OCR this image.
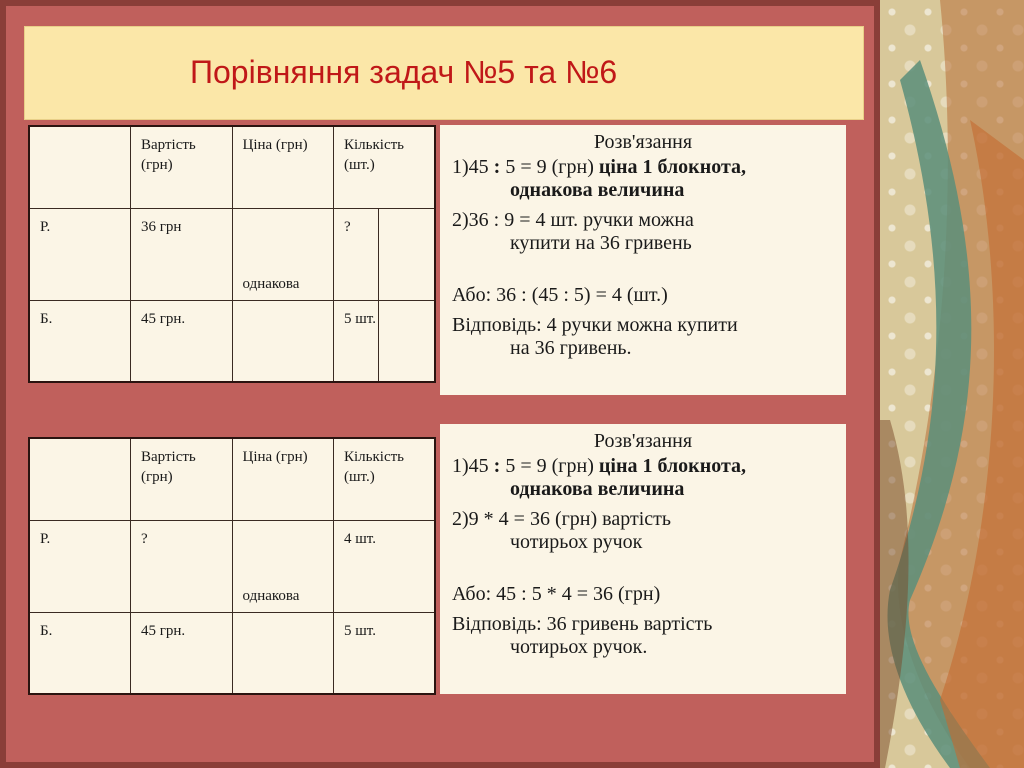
Порівняння задач №5 та №6
	Вартість (грн)	Ціна (грн)	Кількість (шт.)
Р.	36 грн	однакова	?

Б.	45 грн.		5 шт.
	Вартість (грн)	Ціна (грн)	Кількість (шт.)
Р.	?	однакова	4 шт.
Б.	45 грн.		5 шт.
Розв'язання
1)45 : 5 = 9 (грн) ціна 1 блокнота,
однакова величина
2)36 : 9 = 4 шт. ручки можна
купити на 36 гривень
Або: 36 : (45 : 5) = 4 (шт.)
Відповідь: 4 ручки можна купити
на 36 гривень.
Розв'язання
1)45 : 5 = 9 (грн) ціна 1 блокнота,
однакова величина
2)9 * 4 = 36 (грн) вартість
чотирьох ручок
Або: 45 : 5 * 4 = 36 (грн)
Відповідь: 36 гривень вартість
чотирьох ручок.
